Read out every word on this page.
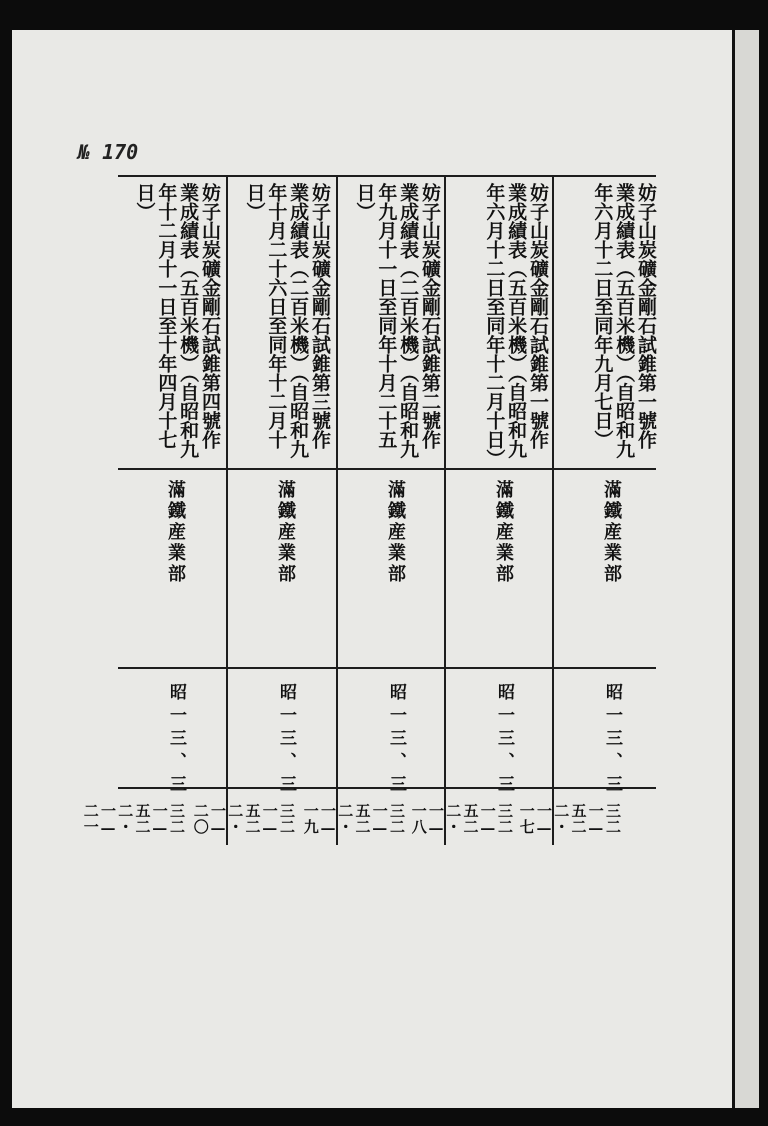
№ 170
妨子山炭礦金剛石試錐第一號作業成績表（五百米機）（自昭和九年六月十二日至同年九月七日）
滿鐵産業部
昭一三、三
三二一—五二二・一—一七
妨子山炭礦金剛石試錐第一號作業成績表（五百米機）（自昭和九年六月十二日至同年十二月十日）
滿鐵産業部
昭一三、三
三二一—五二二・一—一八
妨子山炭礦金剛石試錐第二號作業成績表（二百米機）（自昭和九年九月十一日至同年十月二十五日）
滿鐵産業部
昭一三、三
三二一—五二二・一—一九
妨子山炭礦金剛石試錐第三號作業成績表（二百米機）（自昭和九年十月二十六日至同年十二月十日）
滿鐵産業部
昭一三、三
三二一—五二二・一—二〇
妨子山炭礦金剛石試錐第四號作業成績表（五百米機）（自昭和九年十二月十一日至十年四月十七日）
滿鐵産業部
昭一三、三
三二一—五二二・一—二一
